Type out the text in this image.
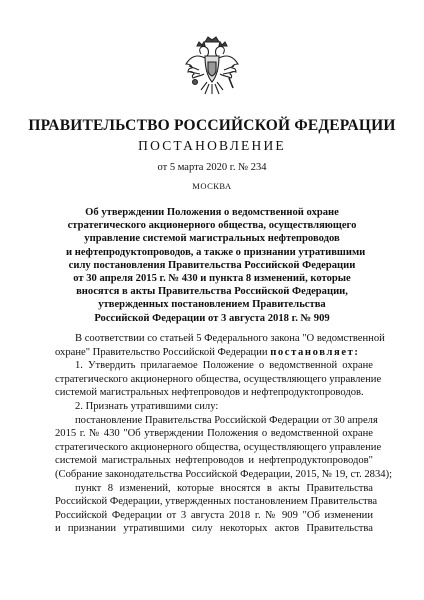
ПРАВИТЕЛЬСТВО РОССИЙСКОЙ ФЕДЕРАЦИИ
ПОСТАНОВЛЕНИЕ
от 5 марта 2020 г. № 234
МОСКВА
Об утверждении Положения о ведомственной охране
стратегического акционерного общества, осуществляющего
управление системой магистральных нефтепроводов
и нефтепродуктопроводов, а также о признании утратившими
силу постановления Правительства Российской Федерации
от 30 апреля 2015 г. № 430 и пункта 8 изменений, которые
вносятся в акты Правительства Российской Федерации,
утвержденных постановлением Правительства
Российской Федерации от 3 августа 2018 г. № 909
В соответствии со статьей 5 Федерального закона "О ведомственной
охране" Правительство Российской Федерации постановляет:
1. Утвердить прилагаемое Положение о ведомственной охране
стратегического акционерного общества, осуществляющего управление
системой магистральных нефтепроводов и нефтепродуктопроводов.
2. Признать утратившими силу:
постановление Правительства Российской Федерации от 30 апреля
2015 г. № 430 "Об утверждении Положения о ведомственной охране
стратегического акционерного общества, осуществляющего управление
системой магистральных нефтепроводов и нефтепродуктопроводов"
(Собрание законодательства Российской Федерации, 2015, № 19, ст. 2834);
пункт 8 изменений, которые вносятся в акты Правительства
Российской Федерации, утвержденных постановлением Правительства
Российской Федерации от 3 августа 2018 г. № 909 "Об изменении
и признании утратившими силу некоторых актов Правительства
